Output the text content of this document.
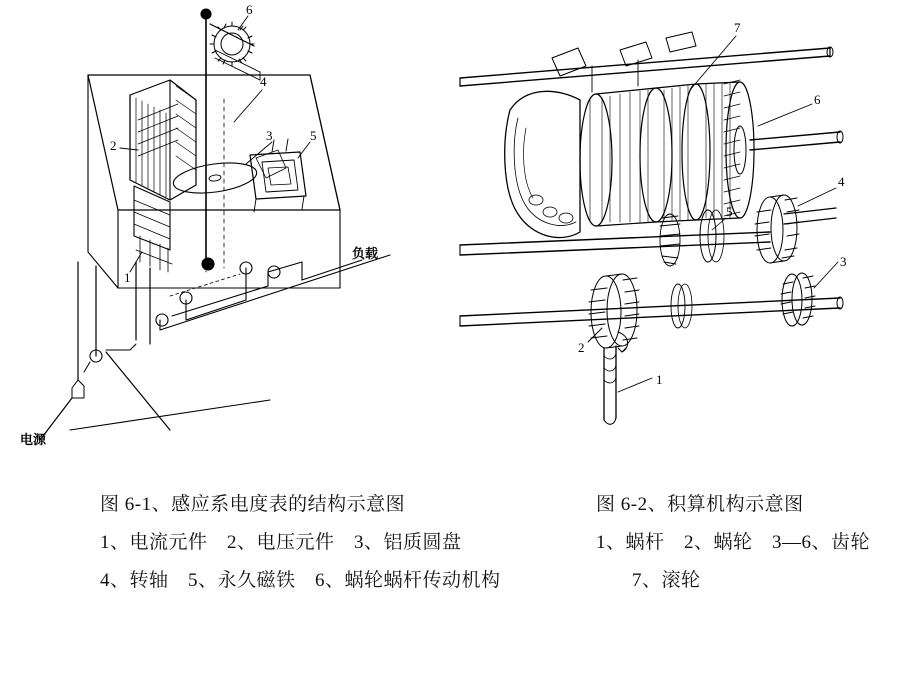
6
4
3	5
2
1
负载
电源
7
6
4
3
5
2
1
图 6-1、感应系电度表的结构示意图
1、电流元件　2、电压元件　3、铝质圆盘
4、转轴　5、永久磁铁　6、蜗轮蜗杆传动机构
图 6-2、积算机构示意图
1、蜗杆　2、蜗轮　3—6、齿轮
7、滚轮
